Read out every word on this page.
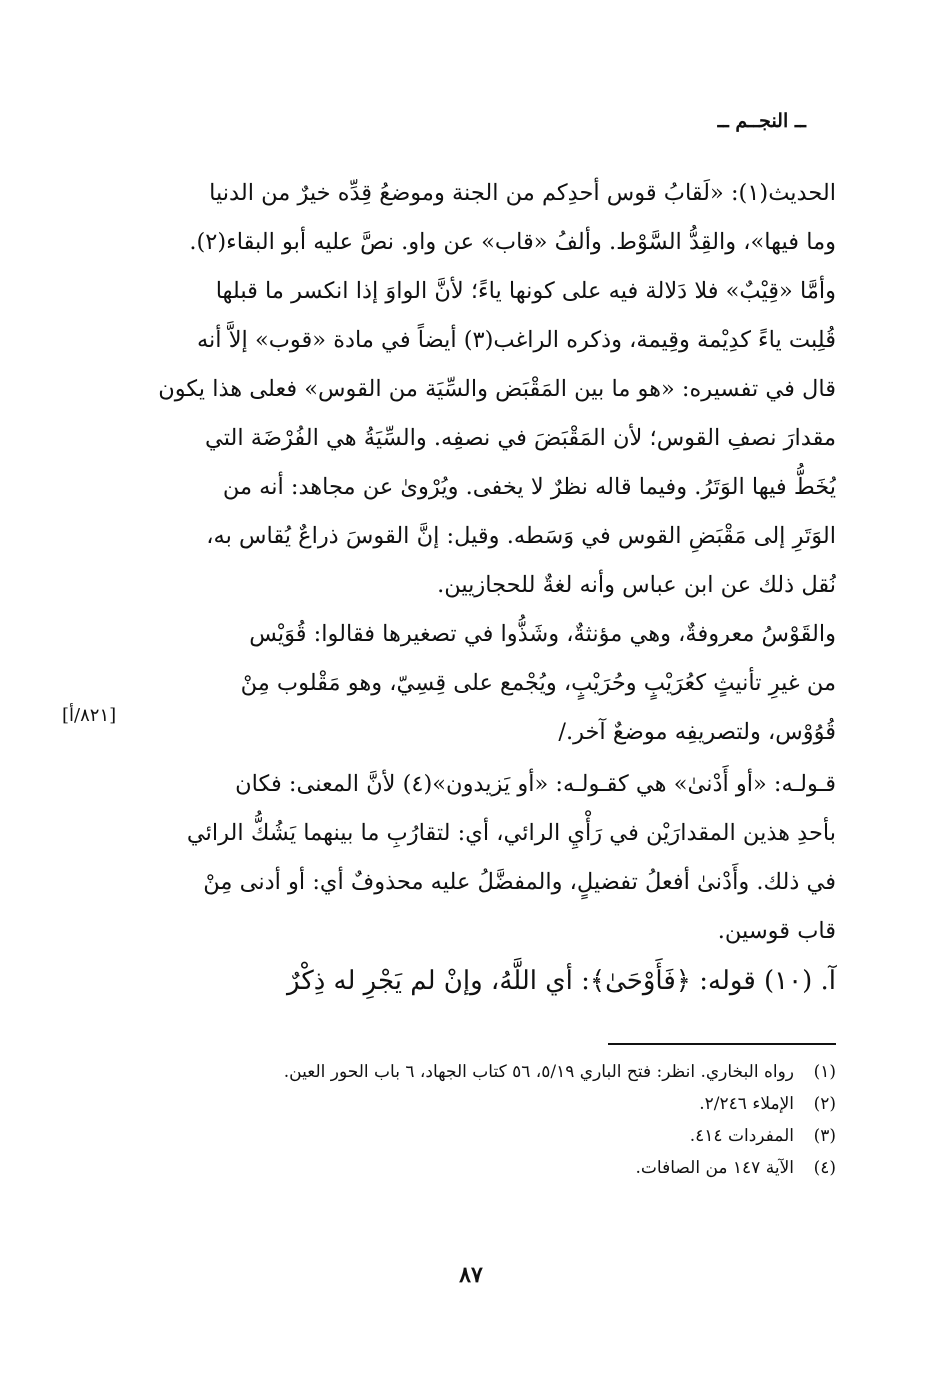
ــ النجــم ــ
الحديث(١): «لَقابُ قوس أحدِكم من الجنة وموضعُ قِدِّه خيرٌ من الدنيا
وما فيها»، والقِدُّ السَّوْط. وألفُ «قاب» عن واو. نصَّ عليه أبو البقاء(٢).
وأمَّا «قِيْبٌ» فلا دَلالة فيه على كونها ياءً؛ لأنَّ الواوَ إذا انكسر ما قبلها
قُلِبت ياءً كدِيْمة وقِيمة، وذكره الراغب(٣) أيضاً في مادة «قوب» إلاَّ أنه
قال في تفسيره: «هو ما بين المَقْبَض والسِّيَة من القوس» فعلى هذا يكون
مقدارَ نصفِ القوس؛ لأن المَقْبَضَ في نصفِه. والسِّيَةُ هي الفُرْضَة التي
يُخَطُّ فيها الوَتَرُ. وفيما قاله نظرٌ لا يخفى. ويُرْوىٰ عن مجاهد: أنه من
الوَتَرِ إلى مَقْبَضِ القوس في وَسَطه. وقيل: إنَّ القوسَ ذراعٌ يُقاس به،
نُقل ذلك عن ابن عباس وأنه لغةٌ للحجازيين.
والقَوْسُ معروفةٌ، وهي مؤنثةٌ، وشَذُّوا في تصغيرها فقالوا: قُوَيْس
من غيرِ تأنيثٍ كعُرَيْبٍ وحُرَيْبٍ، ويُجْمع على قِسِيّ، وهو مَقْلوب مِنْ
قُوُوْس، ولتصريفِه موضعٌ آخر./
[٨٢١/أ]
قـولـه: «أو أَدْنىٰ» هي كقـولـه: «أو يَزيدون»(٤) لأنَّ المعنى: فكان
بأحدِ هذين المقدارَيْن في رَأْيِ الرائي، أي: لتقارُبِ ما بينهما يَشُكُّ الرائي
في ذلك. وأَدْنىٰ أفعلُ تفضيلٍ، والمفضَّلُ عليه محذوفٌ أي: أو أدنى مِنْ
قاب قوسين.
آ. (١٠) قوله: ﴿فَأَوْحَىٰ﴾: أي اللَّهُ، وإنْ لم يَجْرِ له ذِكْرٌ
(١)
رواه البخاري. انظر: فتح الباري ٥/١٩، ٥٦ كتاب الجهاد، ٦ باب الحور العين.
(٢)
الإملاء ٢/٢٤٦.
(٣)
المفردات ٤١٤.
(٤)
الآية ١٤٧ من الصافات.
٨٧
